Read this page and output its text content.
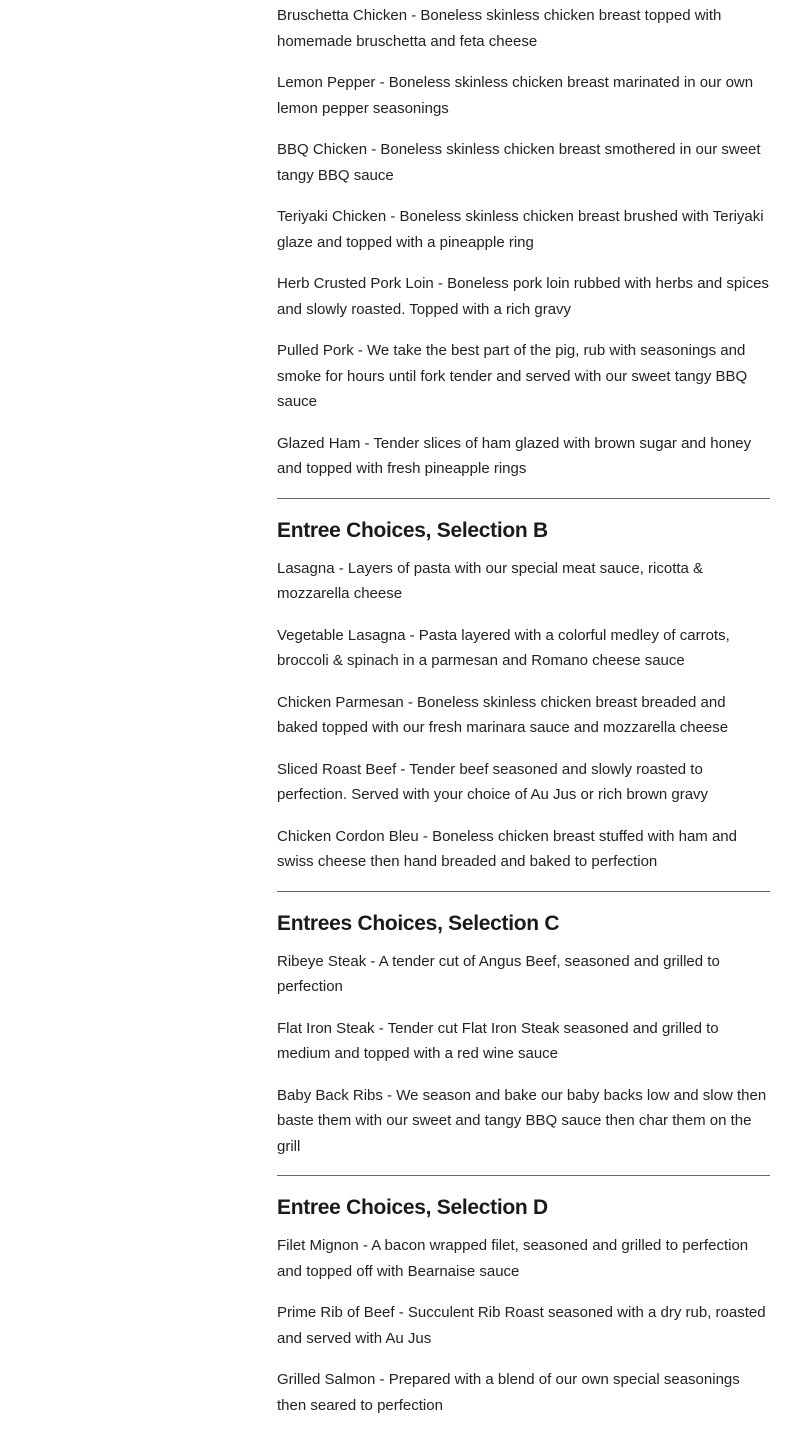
Bruschetta Chicken - Boneless skinless chicken breast topped with homemade bruschetta and feta cheese

Lemon Pepper - Boneless skinless chicken breast marinated in our own lemon pepper seasonings

BBQ Chicken - Boneless skinless chicken breast smothered in our sweet tangy BBQ sauce

Teriyaki Chicken - Boneless skinless chicken breast brushed with Teriyaki glaze and topped with a pineapple ring

Herb Crusted Pork Loin - Boneless pork loin rubbed with herbs and spices and slowly roasted. Topped with a rich gravy

Pulled Pork - We take the best part of the pig, rub with seasonings and smoke for hours until fork tender and served with our sweet tangy BBQ sauce

Glazed Ham - Tender slices of ham glazed with brown sugar and honey and topped with fresh pineapple rings

Entree Choices, Selection B

Lasagna - Layers of pasta with our special meat sauce, ricotta & mozzarella cheese

Vegetable Lasagna - Pasta layered with a colorful medley of carrots, broccoli & spinach in a parmesan and Romano cheese sauce

Chicken Parmesan - Boneless skinless chicken breast breaded and baked topped with our fresh marinara sauce and mozzarella cheese

Sliced Roast Beef - Tender beef seasoned and slowly roasted to perfection. Served with your choice of Au Jus or rich brown gravy

Chicken Cordon Bleu - Boneless chicken breast stuffed with ham and swiss cheese then hand breaded and baked to perfection

Entrees Choices, Selection C

Ribeye Steak - A tender cut of Angus Beef, seasoned and grilled to perfection

Flat Iron Steak - Tender cut Flat Iron Steak seasoned and grilled to medium and topped with a red wine sauce

Baby Back Ribs - We season and bake our baby backs low and slow then baste them with our sweet and tangy BBQ sauce then char them on the grill

Entree Choices, Selection D

Filet Mignon - A bacon wrapped filet, seasoned and grilled to perfection and topped off with Bearnaise sauce

Prime Rib of Beef - Succulent Rib Roast seasoned with a dry rub, roasted and served with Au Jus

Grilled Salmon - Prepared with a blend of our own special seasonings then seared to perfection
